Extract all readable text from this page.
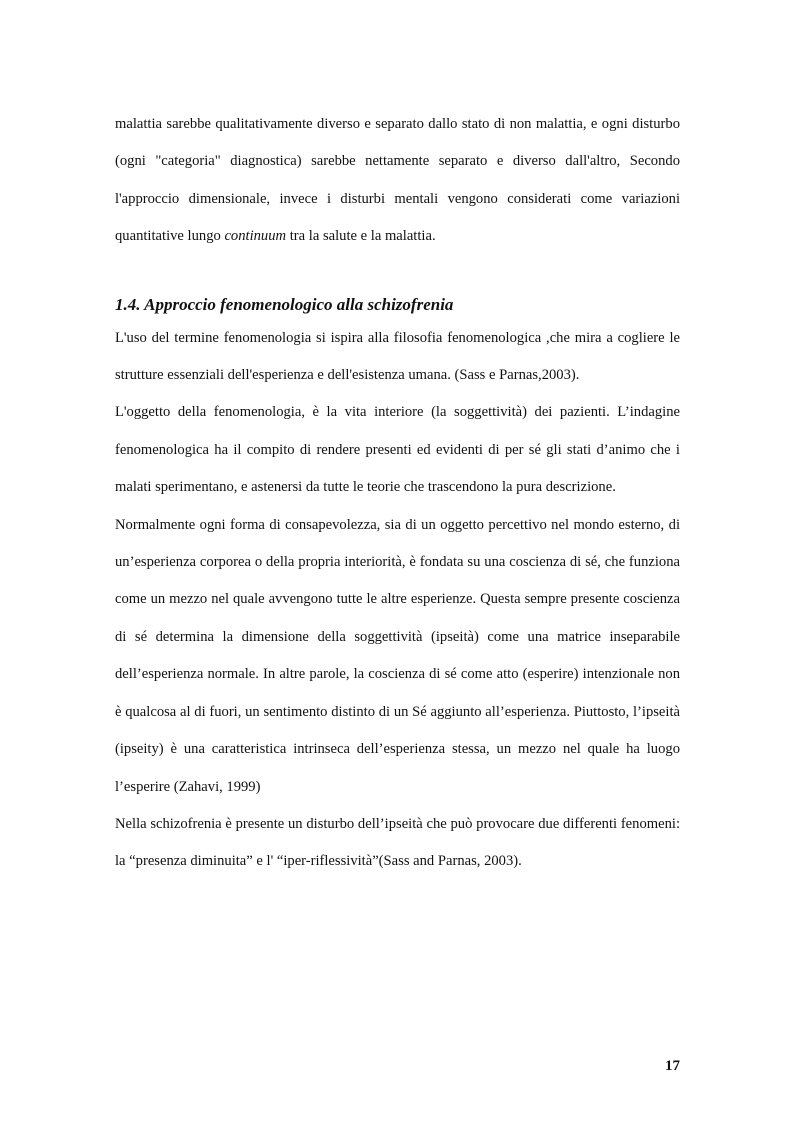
malattia sarebbe qualitativamente diverso e separato dallo stato di non malattia, e ogni disturbo (ogni "categoria" diagnostica) sarebbe nettamente separato e diverso dall'altro, Secondo l'approccio dimensionale, invece i disturbi mentali vengono considerati come variazioni quantitative lungo continuum tra la salute e la malattia.

1.4. Approccio fenomenologico alla schizofrenia

L'uso del termine fenomenologia si ispira alla filosofia fenomenologica ,che mira a cogliere le strutture essenziali dell'esperienza e dell'esistenza umana. (Sass e Parnas,2003).

L'oggetto della fenomenologia, è la vita interiore (la soggettività) dei pazienti. L’indagine fenomenologica ha il compito di rendere presenti ed evidenti di per sé gli stati d’animo che i malati sperimentano, e astenersi da tutte le teorie che trascendono la pura descrizione.

Normalmente ogni forma di consapevolezza, sia di un oggetto percettivo nel mondo esterno, di un’esperienza corporea o della propria interiorità, è fondata su una coscienza di sé, che funziona come un mezzo nel quale avvengono tutte le altre esperienze. Questa sempre presente coscienza di sé determina la dimensione della soggettività (ipseità) come una matrice inseparabile dell’esperienza normale. In altre parole, la coscienza di sé come atto (esperire) intenzionale non è qualcosa al di fuori, un sentimento distinto di un Sé aggiunto all’esperienza. Piuttosto, l’ipseità (ipseity) è una caratteristica intrinseca dell’esperienza stessa, un mezzo nel quale ha luogo l’esperire (Zahavi, 1999)

Nella schizofrenia è presente un disturbo dell’ipseità che può provocare due differenti fenomeni: la “presenza diminuita” e l' “iper-riflessività”(Sass and Parnas, 2003).

17
